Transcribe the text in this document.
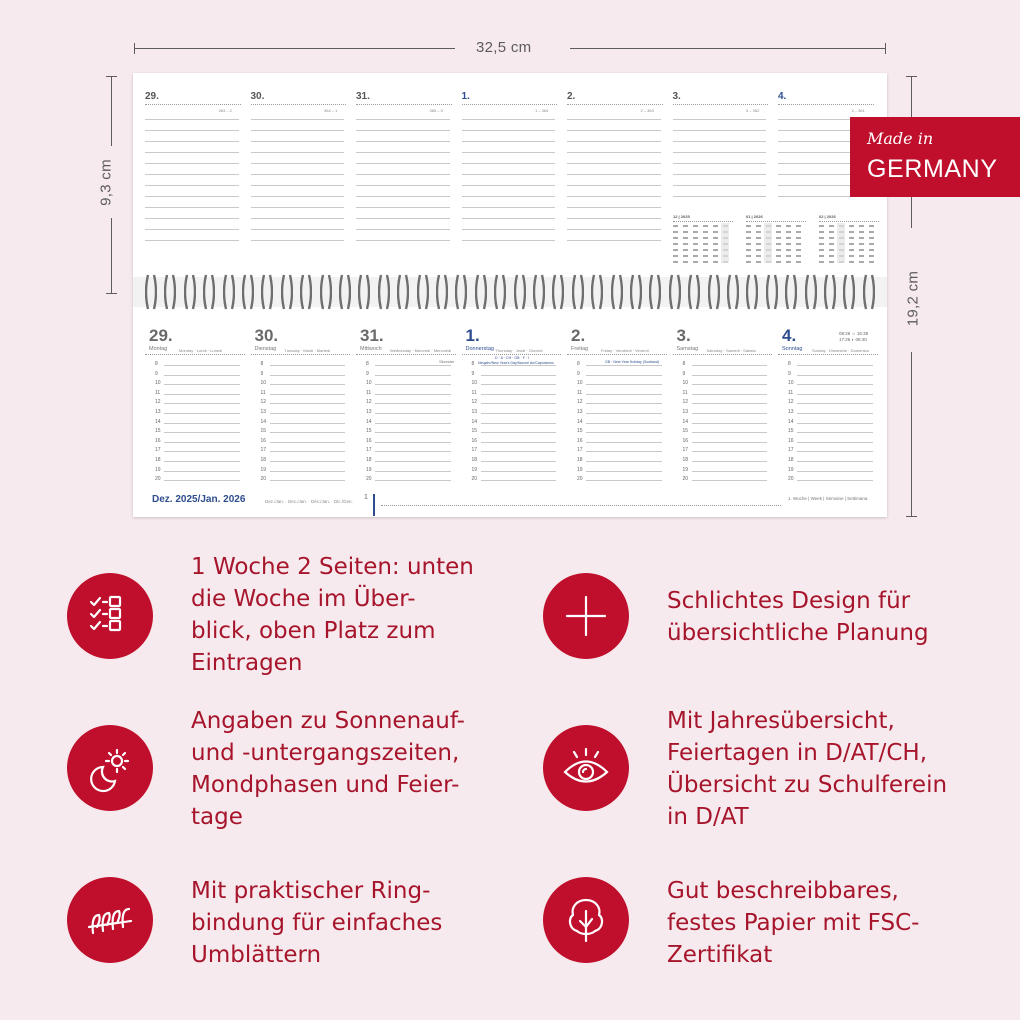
32,5 cm
9,3 cm
19,2 cm
29.
363 – 2
30.
364 – 1
31.
365 – 0
1.
1 – 364
2.
2 – 363
3.
3 – 362
4.
4 – 361
12 | 2025	01 | 2026	02 | 2026
29.
Montag	Monday · Lundi · Lunedì
8
9
10
11
12
13
14
15
16
17
18
19
20
30.
Dienstag Tuesday · Mardi · Martedì
8
9
10
11
12
13
14
15
16
17
18
19
20
31.
Mittwoch Wednesday · Mercredi · Mercoledì
8
9
10
11
12
13
14
15
16
17
18
19
20
1.
Donnerstag Thursday · Jeudi · Giovedì
8
9
10
11
12
13
14
15
16
17
18
19
20
2.
Freitag	Friday · Vendredi · Venerdì
8
9
10
11
12
13
14
15
16
17
18
19
20
3.
Samstag Saturday · Samedi · Sabato
8
9
10
11
12
13
14
15
16
17
18
19
20
4.
Sonntag Sunday · Dimanche · Domenica
8
9
10
11
12
13
14
15
16
17
18
19
20
08:26 ☼ 16:39
17:26 ◐ 08:40
Silvester
D · A · CH · GB · F · I
Neujahr/New Year's Day/Nouvel An/Capodanno	GB · New Year Holiday (Scotland)
Dez. 2025/Jan. 2026	Dez./Jan. · Dec./Jan. · Déc./Jan. · Dic./Gen.
1	1. Woche | Week | Semaine | Settimana
Made in
GERMANY
1 Woche 2 Seiten: unten
die Woche im Über-
blick, oben Platz zum
Eintragen
Schlichtes Design für
übersichtliche Planung
Angaben zu Sonnenauf-
und -untergangszeiten,
Mondphasen und Feier-
tage
Mit Jahresübersicht,
Feiertagen in D/AT/CH,
Übersicht zu Schulferein
in D/AT
Mit praktischer Ring-
bindung für einfaches
Umblättern
Gut beschreibbares,
festes Papier mit FSC-
Zertifikat
